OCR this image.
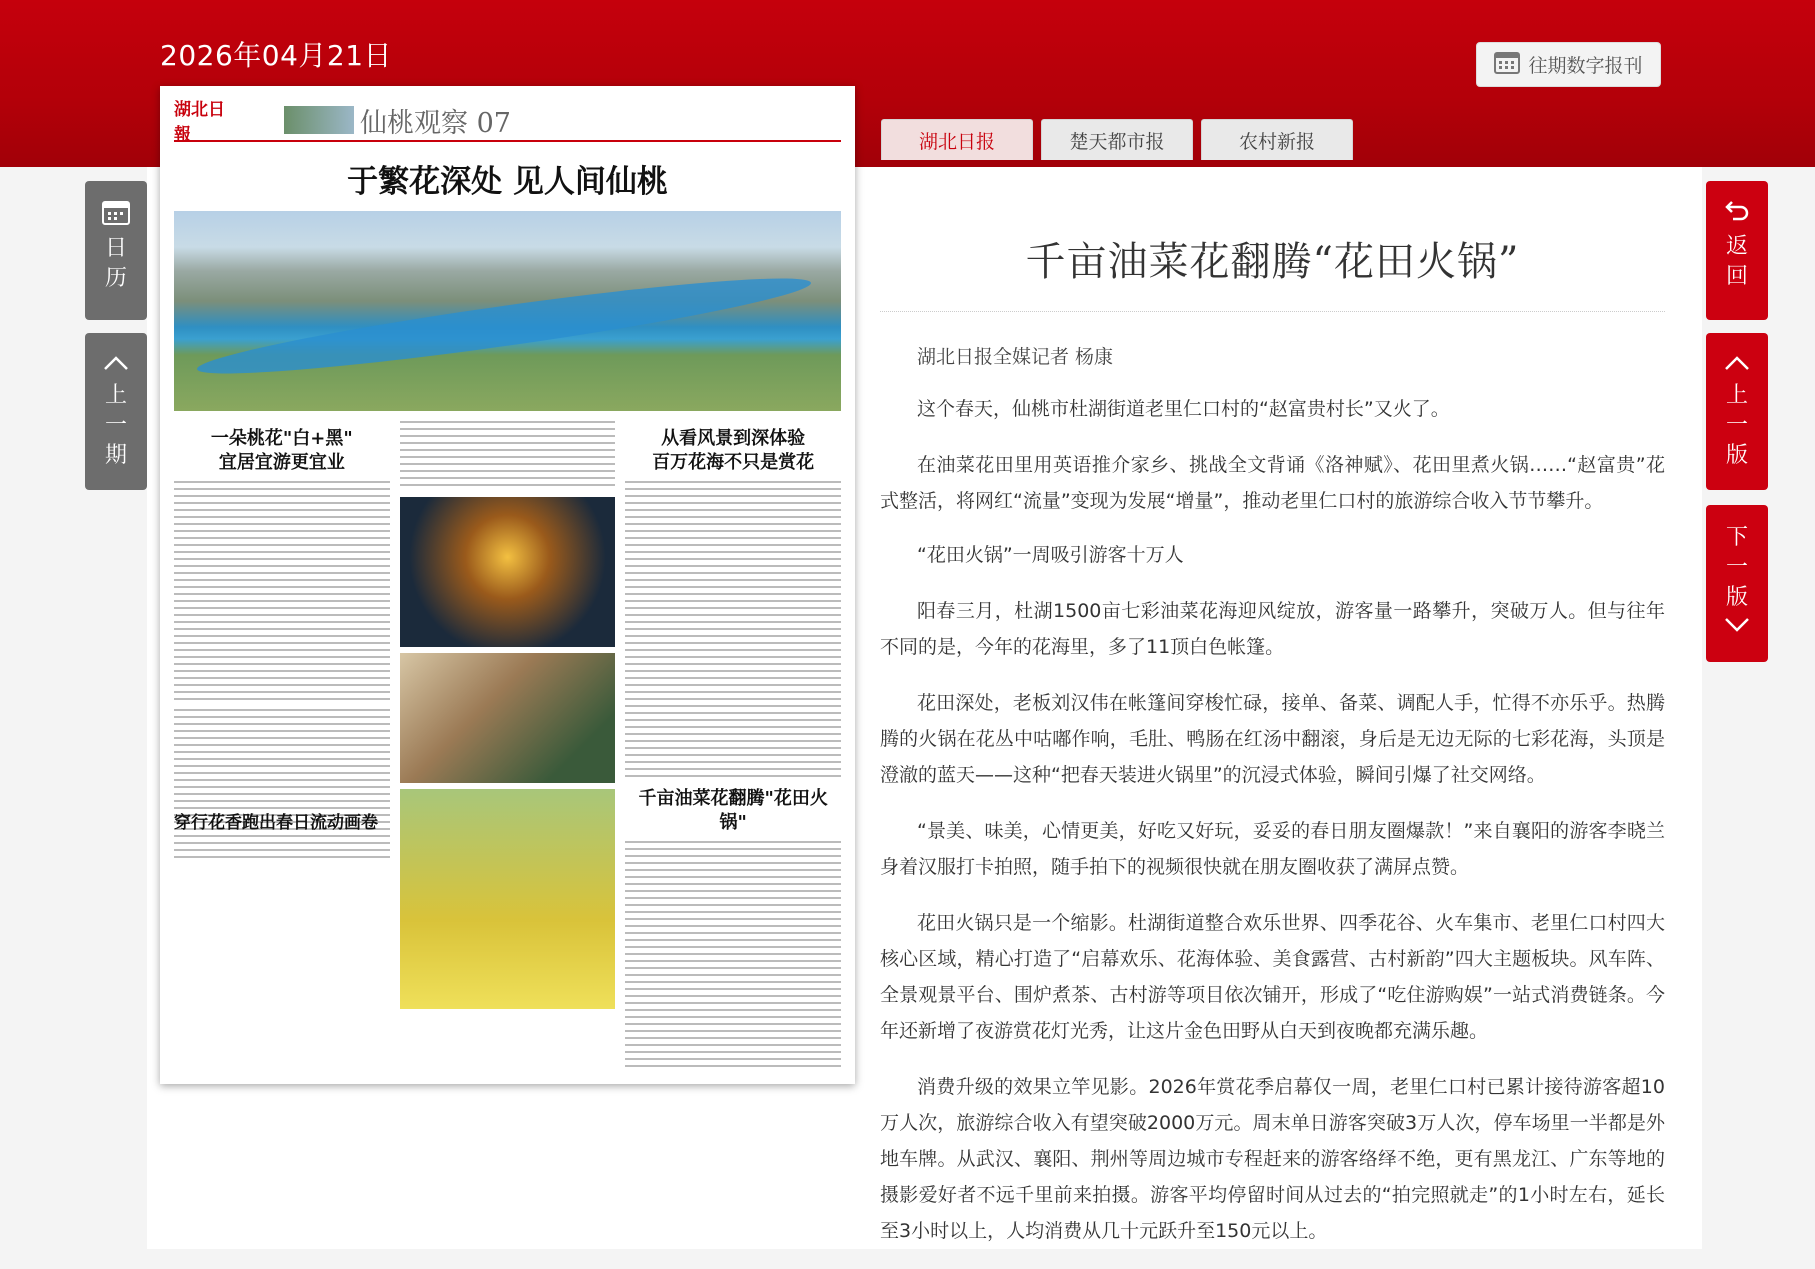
2026年04月21日	往期数字报刊
湖北日报	楚天都市报	农村新报
日
历
上
一
期
返
回
上
一
版
下
一
版
湖北日報	仙桃观察 07
于繁花深处 见人间仙桃
一朵桃花"白+黑"
宜居宜游更宜业
从看风景到深体验
百万花海不只是赏花
千亩油菜花翻腾"花田火锅"
穿行花香跑出春日流动画卷
千亩油菜花翻腾“花田火锅”
湖北日报全媒记者 杨康

这个春天，仙桃市杜湖街道老里仁口村的“赵富贵村长”又火了。

在油菜花田里用英语推介家乡、挑战全文背诵《洛神赋》、花田里煮火锅……“赵富贵”花式整活，将网红“流量”变现为发展“增量”，推动老里仁口村的旅游综合收入节节攀升。

“花田火锅”一周吸引游客十万人

阳春三月，杜湖1500亩七彩油菜花海迎风绽放，游客量一路攀升，突破万人。但与往年不同的是，今年的花海里，多了11顶白色帐篷。

花田深处，老板刘汉伟在帐篷间穿梭忙碌，接单、备菜、调配人手，忙得不亦乐乎。热腾腾的火锅在花丛中咕嘟作响，毛肚、鸭肠在红汤中翻滚，身后是无边无际的七彩花海，头顶是澄澈的蓝天——这种“把春天装进火锅里”的沉浸式体验，瞬间引爆了社交网络。

“景美、味美，心情更美，好吃又好玩，妥妥的春日朋友圈爆款！”来自襄阳的游客李晓兰身着汉服打卡拍照，随手拍下的视频很快就在朋友圈收获了满屏点赞。

花田火锅只是一个缩影。杜湖街道整合欢乐世界、四季花谷、火车集市、老里仁口村四大核心区域，精心打造了“启幕欢乐、花海体验、美食露营、古村新韵”四大主题板块。风车阵、全景观景平台、围炉煮茶、古村游等项目依次铺开，形成了“吃住游购娱”一站式消费链条。今年还新增了夜游赏花灯光秀，让这片金色田野从白天到夜晚都充满乐趣。

消费升级的效果立竿见影。2026年赏花季启幕仅一周，老里仁口村已累计接待游客超10万人次，旅游综合收入有望突破2000万元。周末单日游客突破3万人次，停车场里一半都是外地车牌。从武汉、襄阳、荆州等周边城市专程赶来的游客络绎不绝，更有黑龙江、广东等地的摄影爱好者不远千里前来拍摄。游客平均停留时间从过去的“拍完照就走”的1小时左右，延长至3小时以上，人均消费从几十元跃升至150元以上。
